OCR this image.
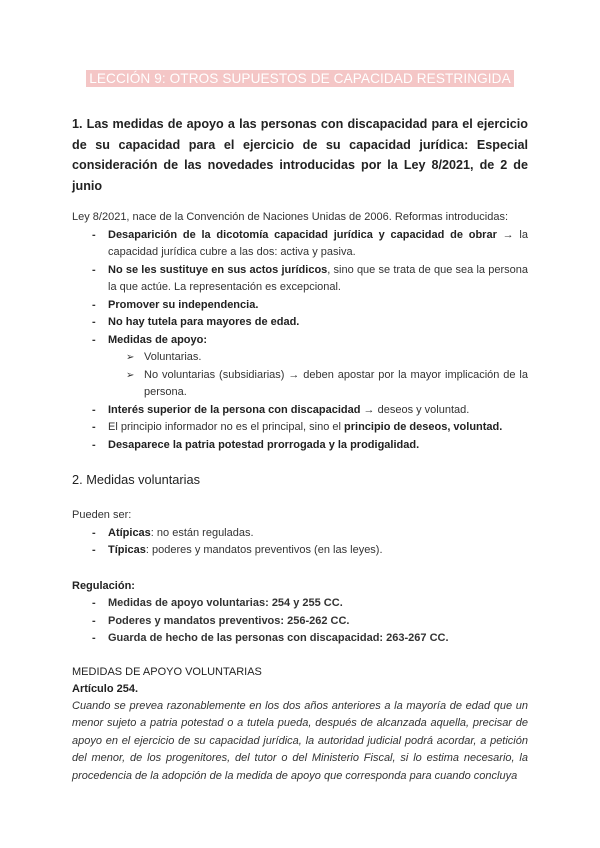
LECCIÓN 9: OTROS SUPUESTOS DE CAPACIDAD RESTRINGIDA

1. Las medidas de apoyo a las personas con discapacidad para el ejercicio de su capacidad para el ejercicio de su capacidad jurídica: Especial consideración de las novedades introducidas por la Ley 8/2021, de 2 de junio

Ley 8/2021, nace de la Convención de Naciones Unidas de 2006. Reformas introducidas:

- Desaparición de la dicotomía capacidad jurídica y capacidad de obrar → la capacidad jurídica cubre a las dos: activa y pasiva.
- No se les sustituye en sus actos jurídicos, sino que se trata de que sea la persona la que actúe. La representación es excepcional.
- Promover su independencia.
- No hay tutela para mayores de edad.
- Medidas de apoyo:
➢ Voluntarias.
➢ No voluntarias (subsidiarias) → deben apostar por la mayor implicación de la persona.
- Interés superior de la persona con discapacidad → deseos y voluntad.
- El principio informador no es el principal, sino el principio de deseos, voluntad.
- Desaparece la patria potestad prorrogada y la prodigalidad.

2. Medidas voluntarias

Pueden ser:

- Atípicas: no están reguladas.
- Típicas: poderes y mandatos preventivos (en las leyes).

Regulación:

- Medidas de apoyo voluntarias: 254 y 255 CC.
- Poderes y mandatos preventivos: 256-262 CC.
- Guarda de hecho de las personas con discapacidad: 263-267 CC.

MEDIDAS DE APOYO VOLUNTARIAS

Artículo 254.

Cuando se prevea razonablemente en los dos años anteriores a la mayoría de edad que un menor sujeto a patria potestad o a tutela pueda, después de alcanzada aquella, precisar de apoyo en el ejercicio de su capacidad jurídica, la autoridad judicial podrá acordar, a petición del menor, de los progenitores, del tutor o del Ministerio Fiscal, si lo estima necesario, la procedencia de la adopción de la medida de apoyo que corresponda para cuando concluya
